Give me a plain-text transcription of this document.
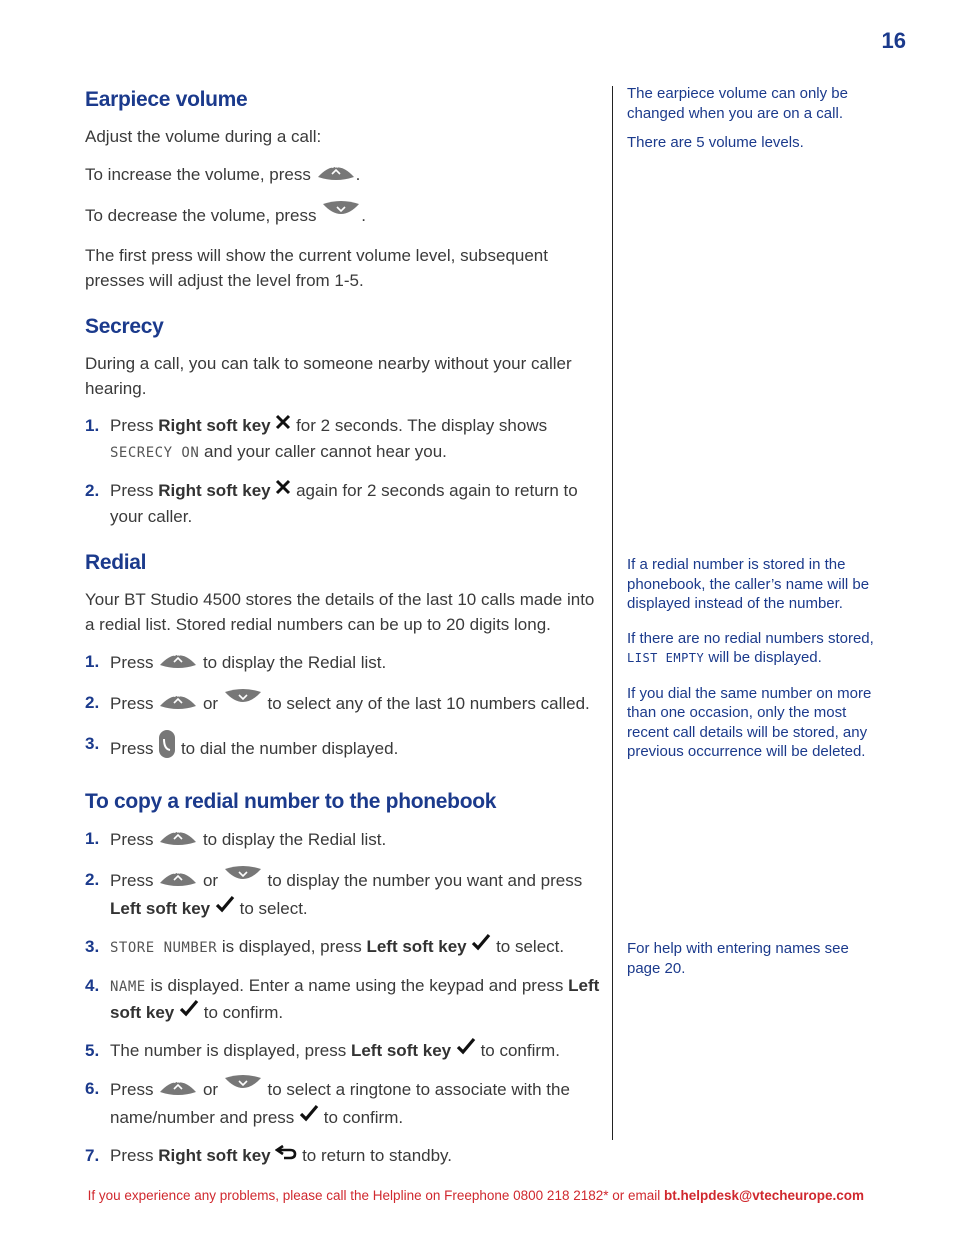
16
Earpiece volume

Adjust the volume during a call:

To increase the volume, press	Redial .

To decrease the volume, press	Calls .

The first press will show the current volume level, subsequent presses will adjust the level from 1-5.

Secrecy

During a call, you can talk to someone nearby without your caller hearing.

1. Press Right soft key for 2 seconds. The display shows SECRECY ON and your caller cannot hear you.
2. Press Right soft key again for 2 seconds again to return to your caller.
Redial

Your BT Studio 4500 stores the details of the last 10 calls made into a redial list. Stored redial numbers can be up to 20 digits long.

1. Press	Redial to display the Redial list.
2. Press	Redial or	Calls to select any of the last 10 numbers called.
3. Press to dial the number displayed.
To copy a redial number to the phonebook
1. Press	Redial to display the Redial list.
2. Press	Redial or	Calls to display the number you want and press Left soft key to select.
3. STORE NUMBER is displayed, press Left soft key to select.
4. NAME is displayed. Enter a name using the keypad and press Left soft key to confirm.
5. The number is displayed, press Left soft key to confirm.
6. Press	Redial or	Calls to select a ringtone to associate with the name/number and press to confirm.
7. Press Right soft key to return to standby.

The earpiece volume can only be changed when you are on a call.

There are 5 volume levels.

If a redial number is stored in the phonebook, the caller’s name will be displayed instead of the number.

If there are no redial numbers stored, LIST EMPTY will be displayed.

If you dial the same number on more than one occasion, only the most recent call details will be stored, any previous occurrence will be deleted.

For help with entering names see page 20.

If you experience any problems, please call the Helpline on Freephone 0800 218 2182* or email bt.helpdesk@vtecheurope.com
